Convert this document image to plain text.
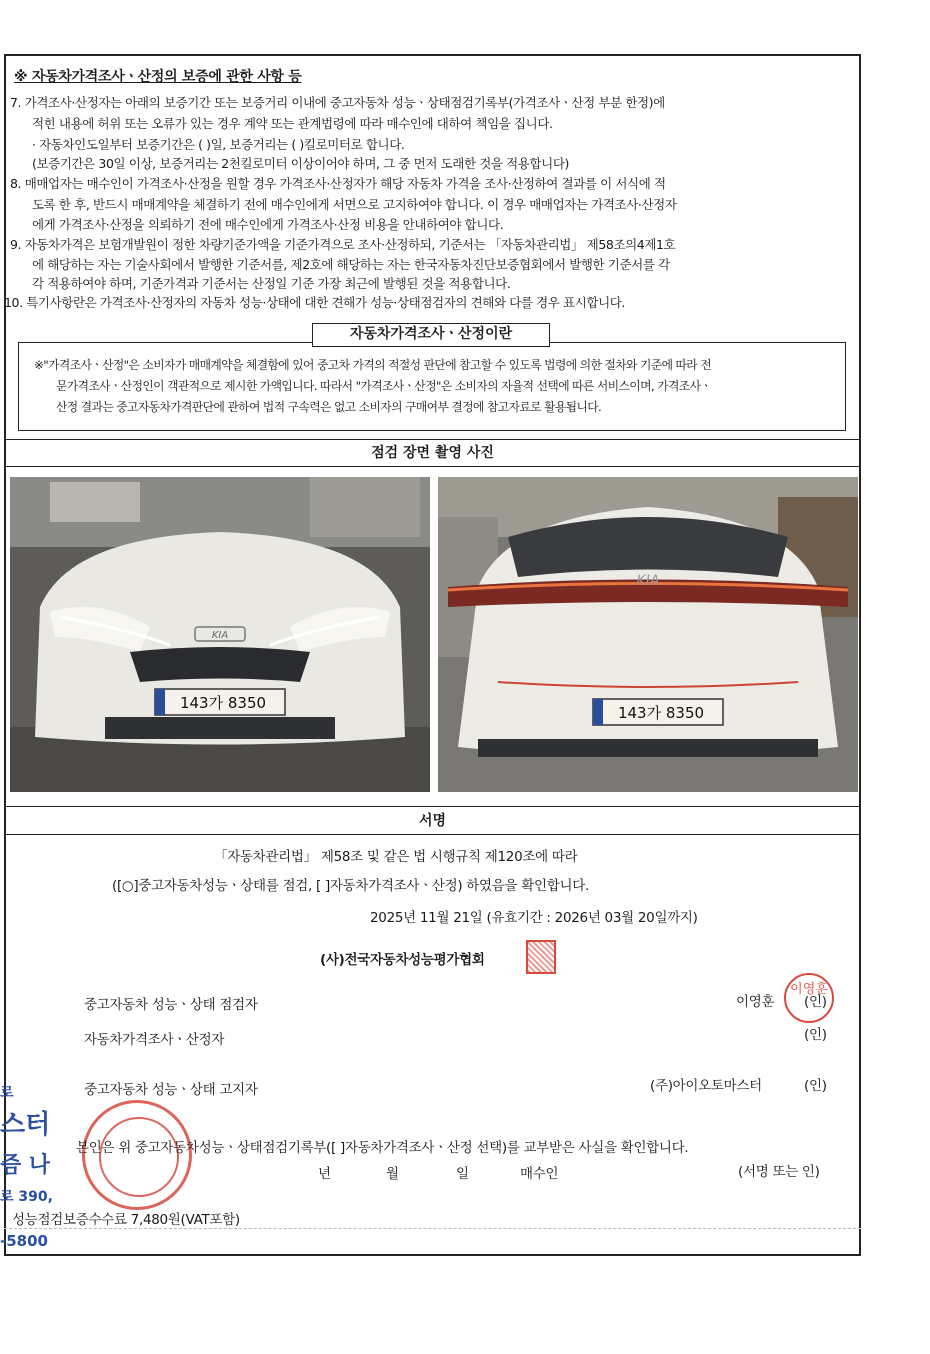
※ 자동차가격조사ㆍ산정의 보증에 관한 사항 등
7. 가격조사·산정자는 아래의 보증기간 또는 보증거리 이내에 중고자동차 성능ㆍ상태점검기록부(가격조사ㆍ산정 부분 한정)에
적힌 내용에 허위 또는 오류가 있는 경우 계약 또는 관계법령에 따라 매수인에 대하여 책임을 집니다.
· 자동차인도일부터 보증기간은 ( )일, 보증거리는 ( )킬로미터로 합니다.
(보증기간은 30일 이상, 보증거리는 2천킬로미터 이상이어야 하며, 그 중 먼저 도래한 것을 적용합니다)
8. 매매업자는 매수인이 가격조사·산정을 원할 경우 가격조사·산정자가 해당 자동차 가격을 조사·산정하여 결과를 이 서식에 적
도록 한 후, 반드시 매매계약을 체결하기 전에 매수인에게 서면으로 고지하여야 합니다. 이 경우 매매업자는 가격조사·산정자
에게 가격조사·산정을 의뢰하기 전에 매수인에게 가격조사·산정 비용을 안내하여야 합니다.
9. 자동차가격은 보험개발원이 정한 차량기준가액을 기준가격으로 조사·산정하되, 기준서는 「자동차관리법」 제58조의4제1호
에 해당하는 자는 기술사회에서 발행한 기준서를, 제2호에 해당하는 자는 한국자동차진단보증협회에서 발행한 기준서를 각
각 적용하여야 하며, 기준가격과 기준서는 산정일 기준 가장 최근에 발행된 것을 적용합니다.
10. 특기사항란은 가격조사·산정자의 자동차 성능·상태에 대한 견해가 성능·상태점검자의 견해와 다를 경우 표시합니다.
자동차가격조사ㆍ산정이란
※"가격조사ㆍ산정"은 소비자가 매매계약을 체결함에 있어 중고차 가격의 적절성 판단에 참고할 수 있도록 법령에 의한 절차와 기준에 따라 전
문가격조사ㆍ산정인이 객관적으로 제시한 가액입니다. 따라서 "가격조사ㆍ산정"은 소비자의 자율적 선택에 따른 서비스이며, 가격조사ㆍ
산정 결과는 중고자동차가격판단에 관하여 법적 구속력은 없고 소비자의 구매여부 결정에 참고자료로 활용됩니다.
점검 장면 촬영 사진
KIA
143가 8350
KIA
143가 8350
서명
「자동차관리법」 제58조 및 같은 법 시행규칙 제120조에 따라
([○]중고자동차성능ㆍ상태를 점검, [ ]자동차가격조사ㆍ산정) 하였음을 확인합니다.
2025년 11월 21일 (유효기간 : 2026년 03월 20일까지)
(사)전국자동차성능평가협회
중고자동차 성능ㆍ상태 점검자	이영훈 (인)
이영훈
자동차가격조사ㆍ산정자	(인)
중고자동차 성능ㆍ상태 고지자	(주)아이오토마스터	(인)
본인은 위 중고자동차성능ㆍ상태점검기록부([ ]자동차가격조사ㆍ산정 선택)를 교부받은 사실을 확인합니다.
년	월	일	매수인	(서명 또는 인)
로
스터
즘 나
로 390,
-5800
성능점검보증수수료 7,480원(VAT포함)
